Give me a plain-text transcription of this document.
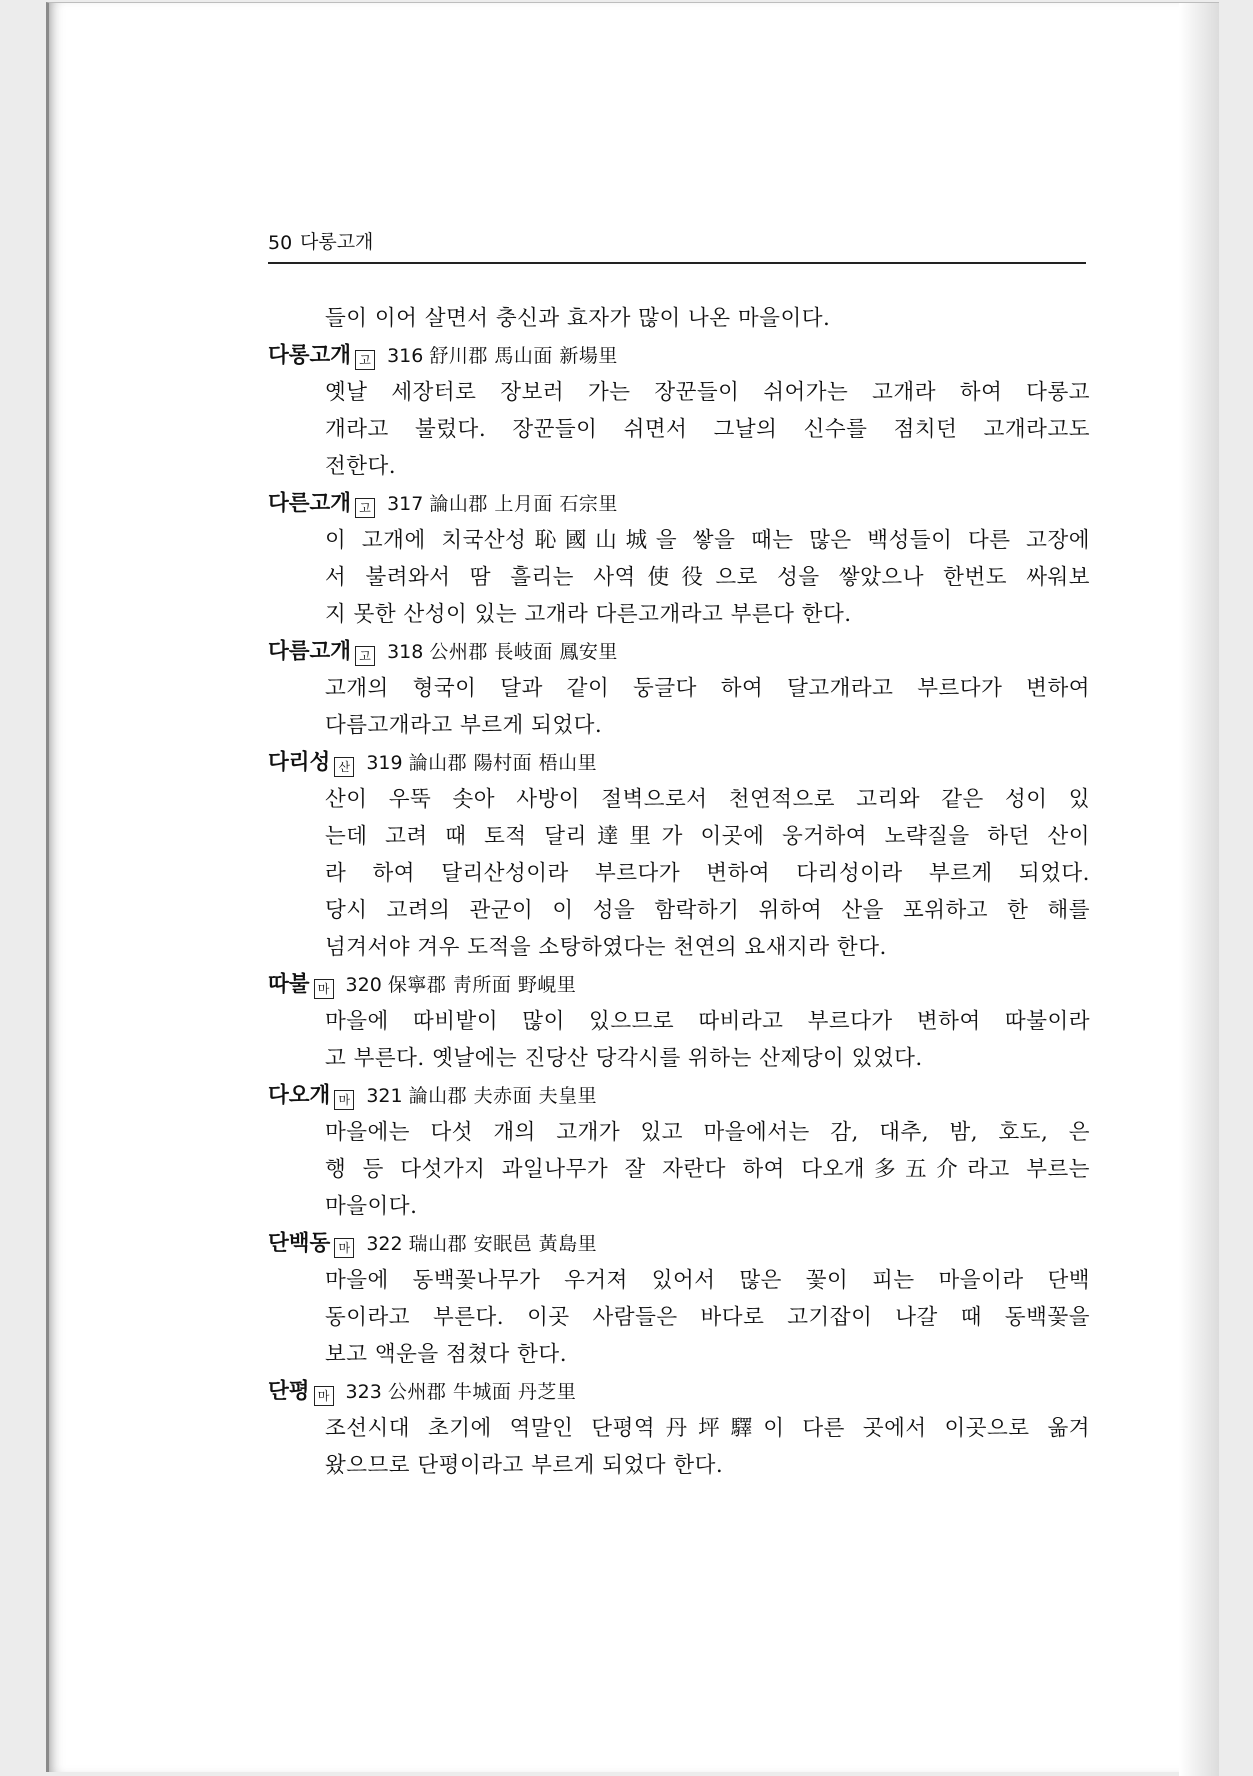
50 다롱고개
들이 이어 살면서 충신과 효자가 많이 나온 마을이다.
다롱고개 고 316 舒川郡 馬山面 新場里
옛날 세장터로 장보러 가는 장꾼들이 쉬어가는 고개라 하여 다롱고
개라고 불렀다. 장꾼들이 쉬면서 그날의 신수를 점치던 고개라고도
전한다.
다른고개 고 317 論山郡 上月面 石宗里
이 고개에 치국산성恥國山城을 쌓을 때는 많은 백성들이 다른 고장에
서 불려와서 땀 흘리는 사역使役으로 성을 쌓았으나 한번도 싸워보
지 못한 산성이 있는 고개라 다른고개라고 부른다 한다.
다름고개 고 318 公州郡 長岐面 鳳安里
고개의 형국이 달과 같이 둥글다 하여 달고개라고 부르다가 변하여
다름고개라고 부르게 되었다.
다리성 산 319 論山郡 陽村面 梧山里
산이 우뚝 솟아 사방이 절벽으로서 천연적으로 고리와 같은 성이 있
는데 고려 때 토적 달리達里가 이곳에 웅거하여 노략질을 하던 산이
라 하여 달리산성이라 부르다가 변하여 다리성이라 부르게 되었다.
당시 고려의 관군이 이 성을 함락하기 위하여 산을 포위하고 한 해를
넘겨서야 겨우 도적을 소탕하였다는 천연의 요새지라 한다.
따불 마 320 保寧郡 靑所面 野峴里
마을에 따비밭이 많이 있으므로 따비라고 부르다가 변하여 따불이라
고 부른다. 옛날에는 진당산 당각시를 위하는 산제당이 있었다.
다오개 마 321 論山郡 夫赤面 夫皇里
마을에는 다섯 개의 고개가 있고 마을에서는 감, 대추, 밤, 호도, 은
행 등 다섯가지 과일나무가 잘 자란다 하여 다오개多五介라고 부르는
마을이다.
단백동 마 322 瑞山郡 安眠邑 黃島里
마을에 동백꽃나무가 우거져 있어서 많은 꽃이 피는 마을이라 단백
동이라고 부른다. 이곳 사람들은 바다로 고기잡이 나갈 때 동백꽃을
보고 액운을 점쳤다 한다.
단평 마 323 公州郡 牛城面 丹芝里
조선시대 초기에 역말인 단평역丹坪驛이 다른 곳에서 이곳으로 옮겨
왔으므로 단평이라고 부르게 되었다 한다.
